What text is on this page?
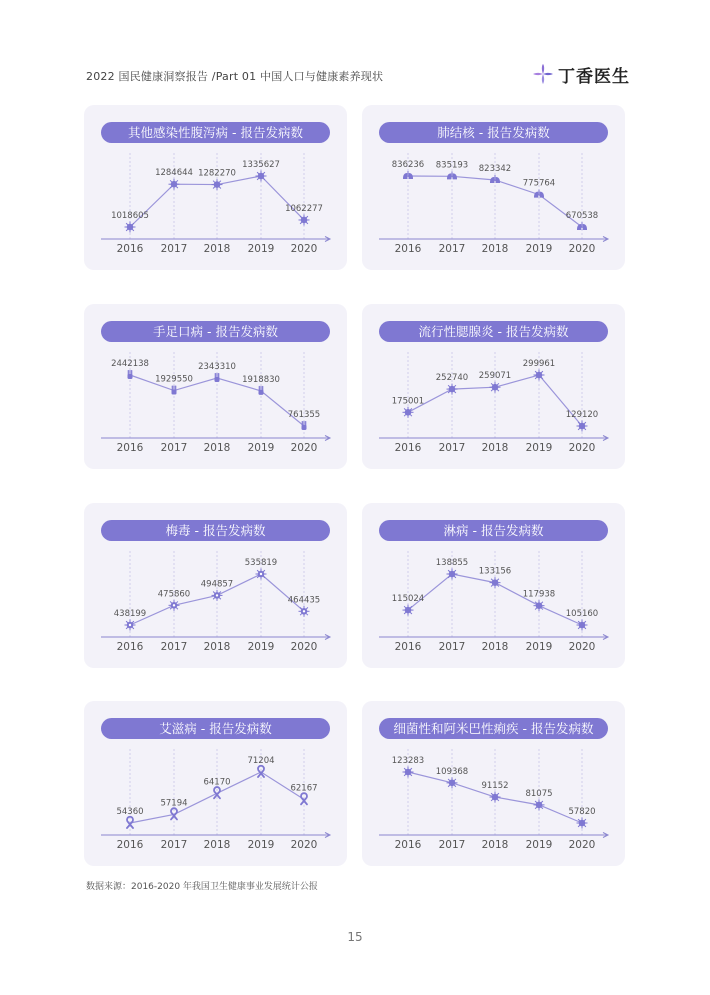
2022 国民健康洞察报告 /Part 01 中国人口与健康素养现状	丁香医生
其他感染性腹泻病 - 报告发病数
1018605
2016
1284644
2017
1282270
2018
1335627
2019
1062277
2020
肺结核 - 报告发病数
836236
2016
835193
2017
823342
2018
775764
2019
670538
2020
手足口病 - 报告发病数
2442138
2016
1929550
2017
2343310
2018
1918830
2019
761355
2020
流行性腮腺炎 - 报告发病数
175001
2016
252740
2017
259071
2018
299961
2019
129120
2020
梅毒 - 报告发病数
438199
2016
475860
2017
494857
2018
535819
2019
464435
2020
淋病 - 报告发病数
115024
2016
138855
2017
133156
2018
117938
2019
105160
2020
艾滋病 - 报告发病数
54360
2016
57194
2017
64170
2018
71204
2019
62167
2020
细菌性和阿米巴性痢疾 - 报告发病数
123283
2016
109368
2017
91152
2018
81075
2019
57820
2020
数据来源：2016-2020 年我国卫生健康事业发展统计公报
15
